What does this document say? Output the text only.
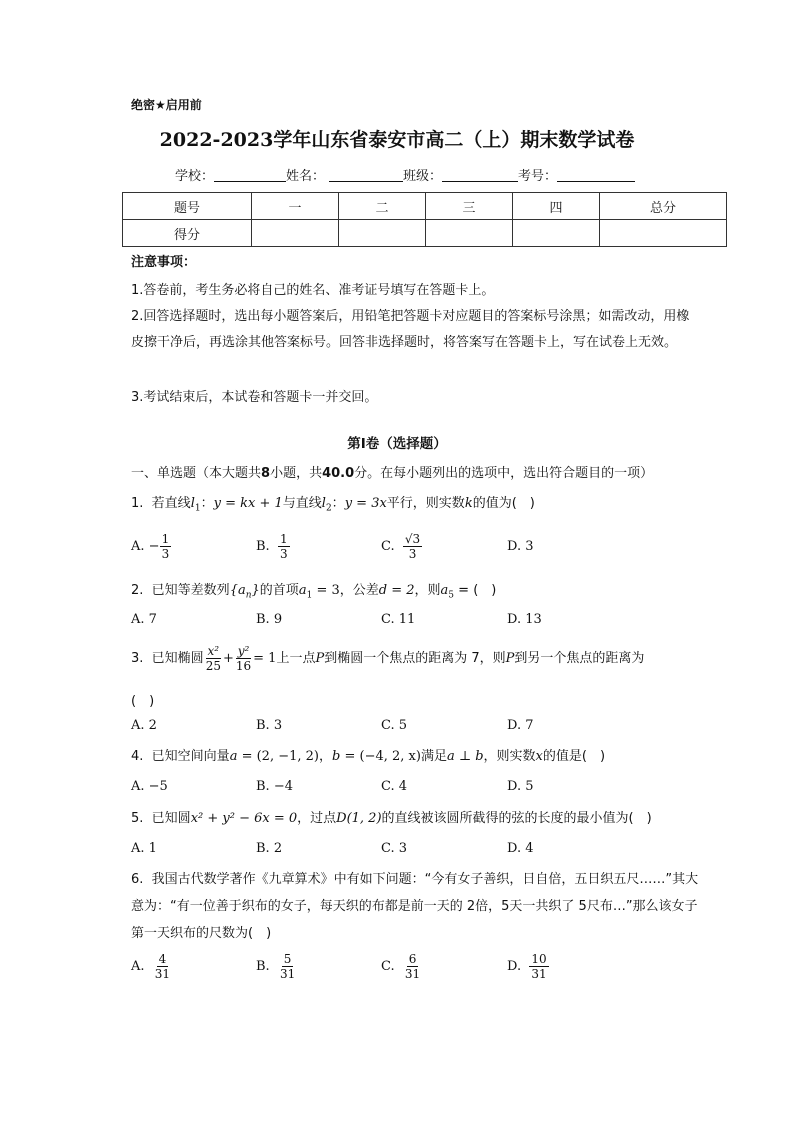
绝密★启用前
2022-2023学年山东省泰安市高二（上）期末数学试卷
学校：	姓名：	班级：	考号：
题号	一	二	三	四	总分
得分					
注意事项：
1.答卷前，考生务必将自己的姓名、准考证号填写在答题卡上。
2.回答选择题时，选出每小题答案后，用铅笔把答题卡对应题目的答案标号涂黑；如需改动，用橡皮擦干净后，再选涂其他答案标号。回答非选择题时，将答案写在答题卡上，写在试卷上无效。
3.考试结束后，本试卷和答题卡一并交回。
第I卷（选择题）
一、单选题（本大题共8小题，共40.0分。在每小题列出的选项中，选出符合题目的一项）
1. 若直线$l_1$：y = kx + 1与直线$l_2$：y = 3x平行，则实数k的值为(　)
A. − $\frac{1}{3}$	B. $\frac{1}{3}$	C. $\frac{√3}{3}$	D. 3
2. 已知等差数列$\{a_n\}$的首项$a_1 = 3$，公差d = 2，则$a_5$ = (　)
A. 7	B. 9	C. 11	D. 13
3. 已知椭圆 $\frac{\text{x²}}{25} + \frac{\text{y²}}{16} = 1$上一点P到椭圆一个焦点的距离为 7，则P到另一个焦点的距离为
(　)
A. 2	B. 3	C. 5	D. 7
4. 已知空间向量a = (2, −1, 2)，b = (−4, 2, x)满足a ⊥ b，则实数x的值是(　)
A. −5	B. −4	C. 4	D. 5
5. 已知圆x² + y² − 6x = 0，过点D(1, 2)的直线被该圆所截得的弦的长度的最小值为(　)
A. 1	B. 2	C. 3	D. 4
6. 我国古代数学著作《九章算术》中有如下问题：“今有女子善织，日自倍，五日织五尺……”其大意为：“有一位善于织布的女子，每天织的布都是前一天的 2倍，5天一共织了 5尺布…”那么该女子第一天织布的尺数为(　)
A. $\frac{4}{31}$	B. $\frac{5}{31}$	C. $\frac{6}{31}$	D. $\frac{10}{31}$
